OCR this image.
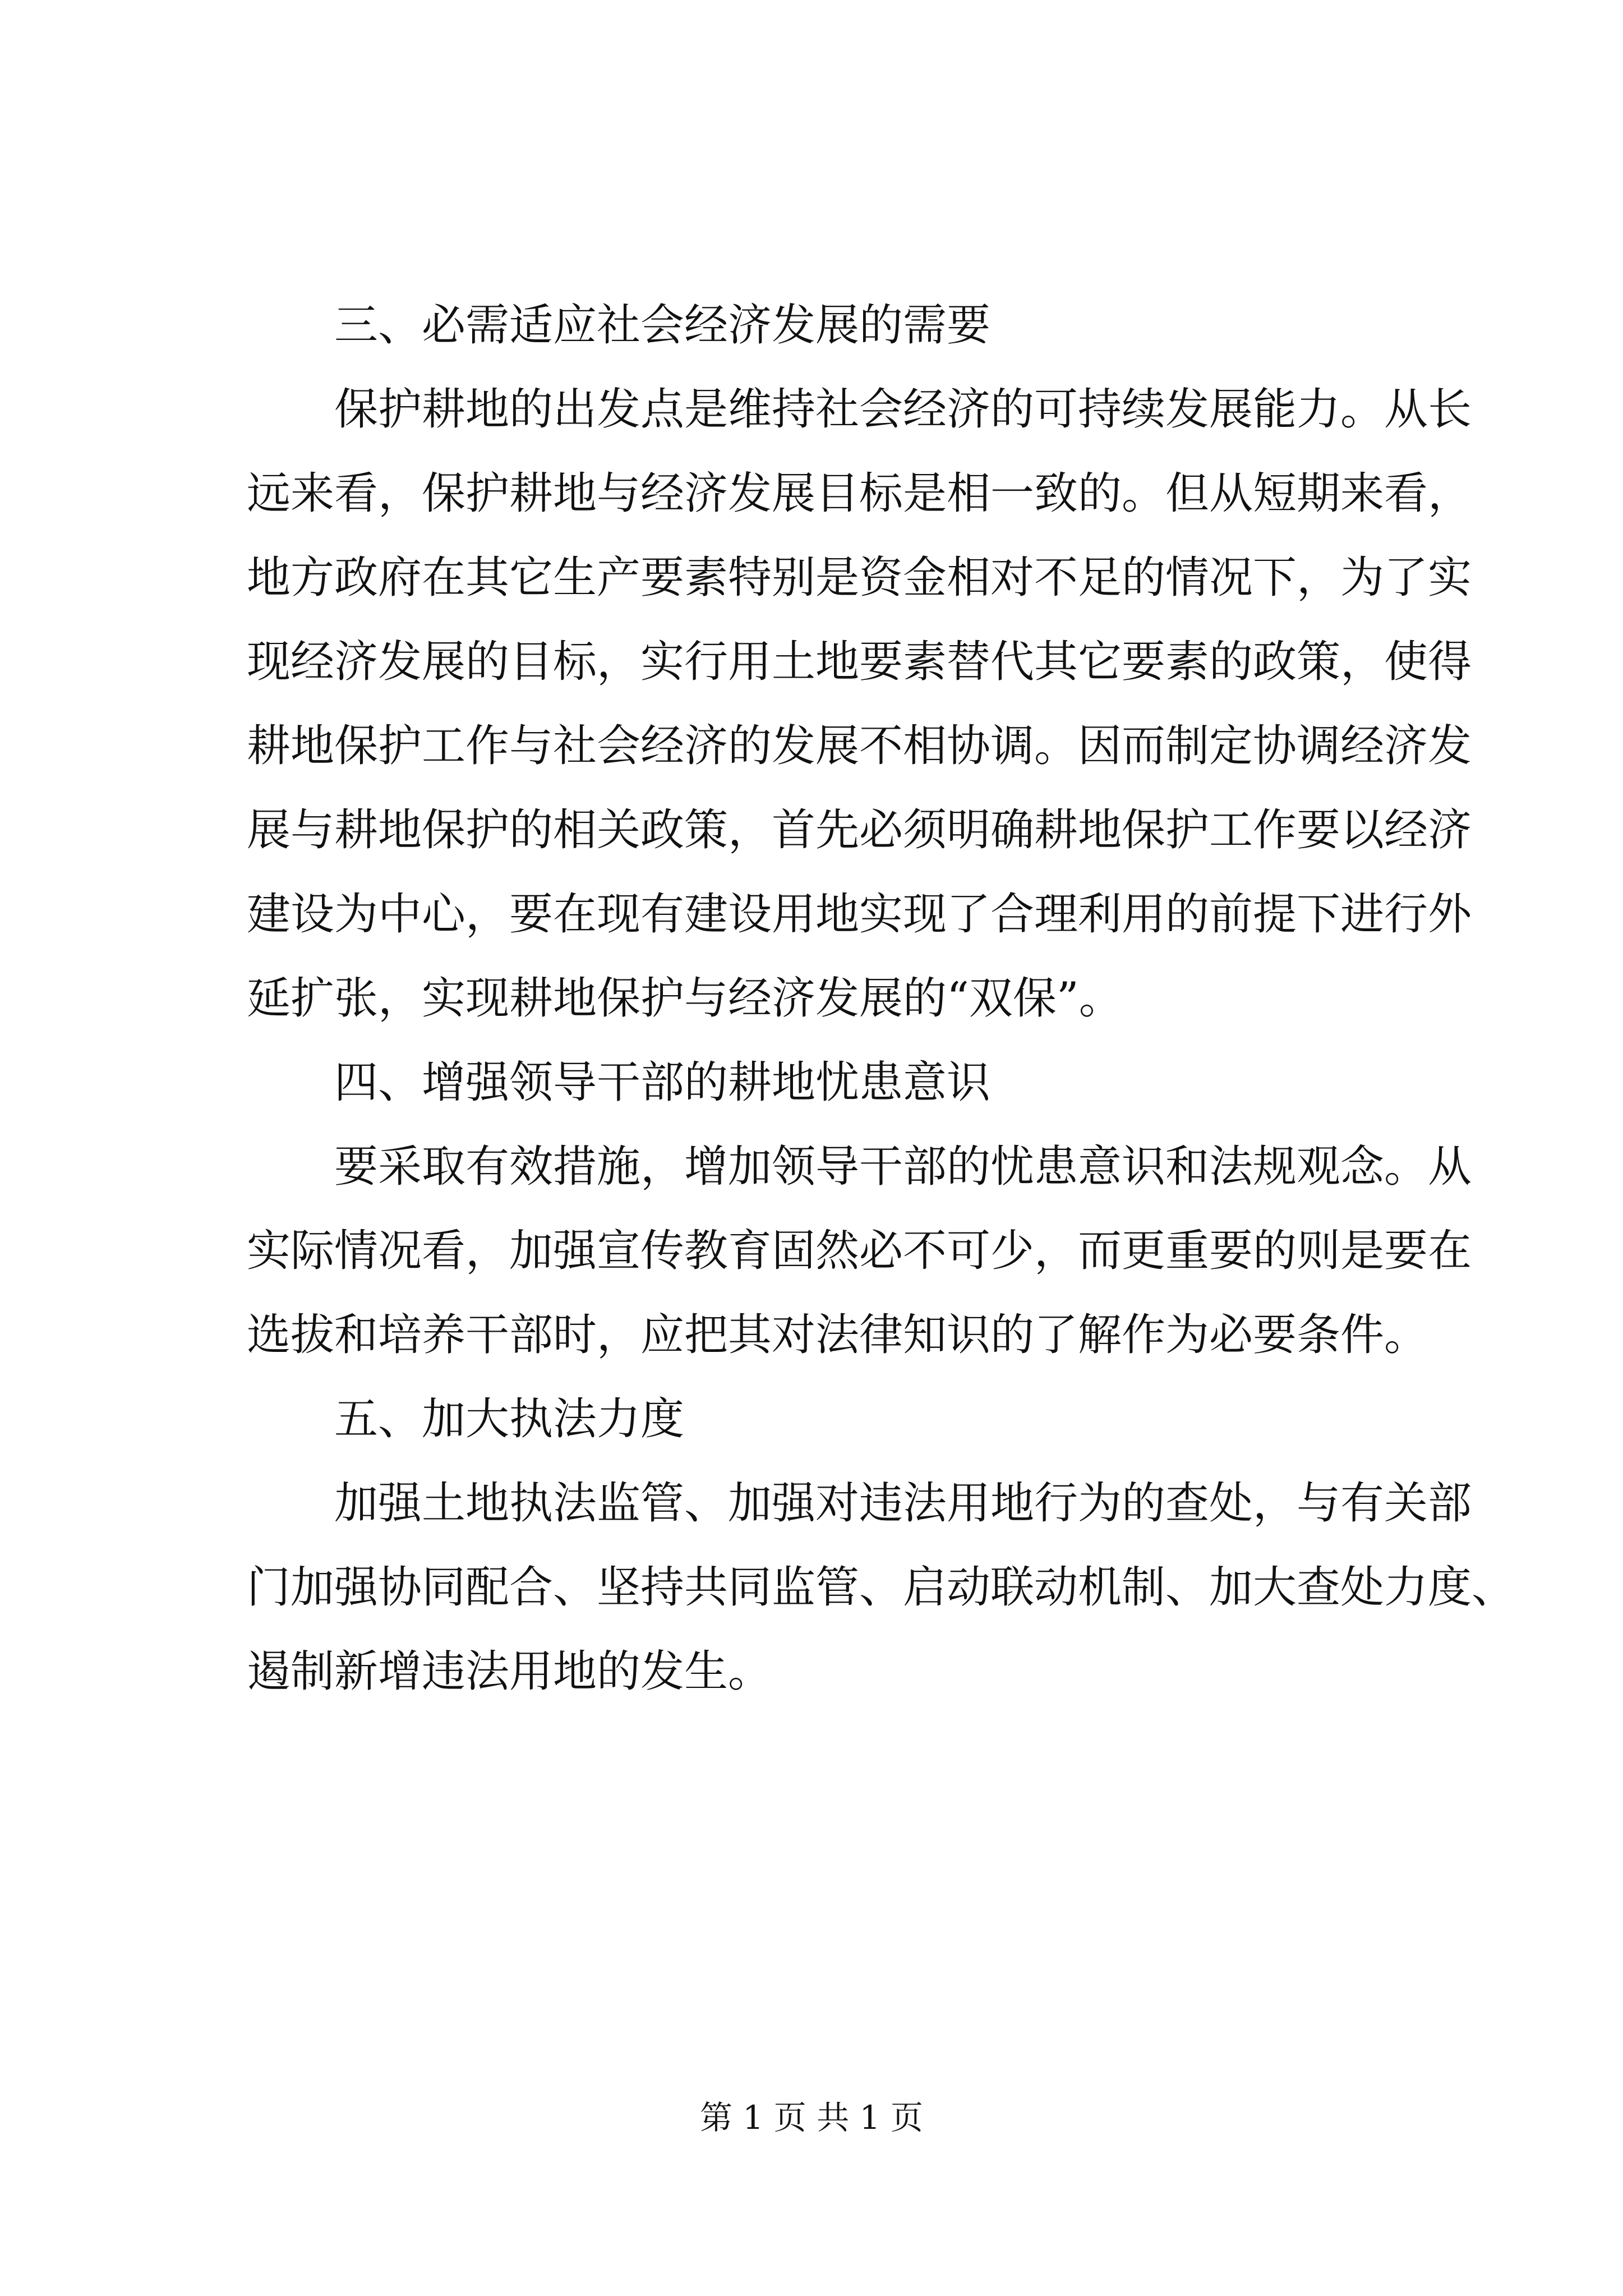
　　三、必需适应社会经济发展的需要
　　保护耕地的出发点是维持社会经济的可持续发展能力。从长
远来看，保护耕地与经济发展目标是相一致的。但从短期来看，
地方政府在其它生产要素特别是资金相对不足的情况下，为了实
现经济发展的目标，实行用土地要素替代其它要素的政策，使得
耕地保护工作与社会经济的发展不相协调。因而制定协调经济发
展与耕地保护的相关政策，首先必须明确耕地保护工作要以经济
建设为中心，要在现有建设用地实现了合理利用的前提下进行外
延扩张，实现耕地保护与经济发展的“双保”。
　　四、增强领导干部的耕地忧患意识
　　要采取有效措施，增加领导干部的忧患意识和法规观念。从
实际情况看，加强宣传教育固然必不可少，而更重要的则是要在
选拔和培养干部时，应把其对法律知识的了解作为必要条件。
　　五、加大执法力度
　　加强土地执法监管、加强对违法用地行为的查处，与有关部
门加强协同配合、坚持共同监管、启动联动机制、加大查处力度、
遏制新增违法用地的发生。
第 1 页 共 1 页
